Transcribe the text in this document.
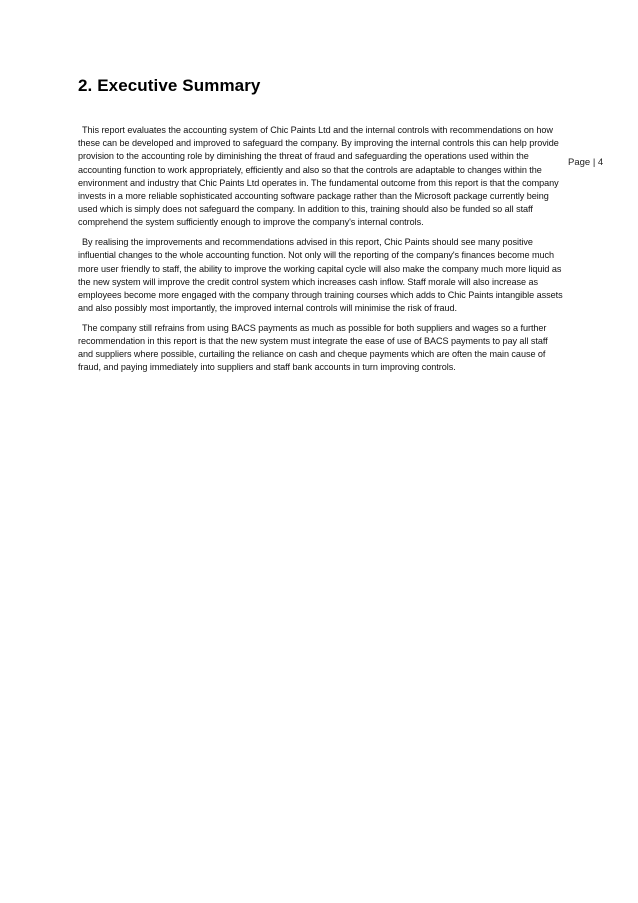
2. Executive Summary
Page | 4

This report evaluates the accounting system of Chic Paints Ltd and the internal controls with recommendations on how these can be developed and improved to safeguard the company. By improving the internal controls this can help provide provision to the accounting role by diminishing the threat of fraud and safeguarding the operations used within the accounting function to work appropriately, efficiently and also so that the controls are adaptable to changes within the environment and industry that Chic Paints Ltd operates in. The fundamental outcome from this report is that the company invests in a more reliable sophisticated accounting software package rather than the Microsoft package currently being used which is simply does not safeguard the company. In addition to this, training should also be funded so all staff comprehend the system sufficiently enough to improve the company's internal controls.

By realising the improvements and recommendations advised in this report, Chic Paints should see many positive influential changes to the whole accounting function. Not only will the reporting of the company's finances become much more user friendly to staff, the ability to improve the working capital cycle will also make the company much more liquid as the new system will improve the credit control system which increases cash inflow. Staff morale will also increase as employees become more engaged with the company through training courses which adds to Chic Paints intangible assets and also possibly most importantly, the improved internal controls will minimise the risk of fraud.

The company still refrains from using BACS payments as much as possible for both suppliers and wages so a further recommendation in this report is that the new system must integrate the ease of use of BACS payments to pay all staff and suppliers where possible, curtailing the reliance on cash and cheque payments which are often the main cause of fraud, and paying immediately into suppliers and staff bank accounts in turn improving controls.
